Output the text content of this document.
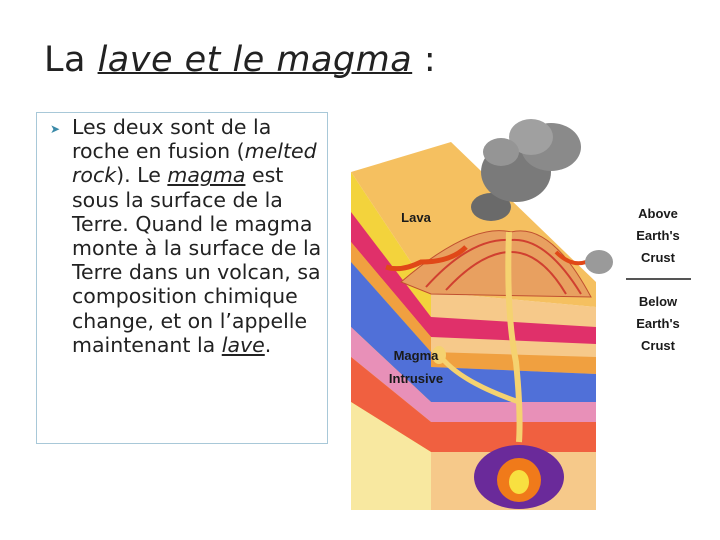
La lave et le magma :
➤ Les deux sont de la roche en fusion (melted rock). Le magma est sous la surface de la Terre. Quand le magma monte à la surface de la Terre dans un volcan, sa composition chimique change, et on l’appelle maintenant la lave.
Lava
Magma
Intrusive
Above
Earth's
Crust
Below
Earth's
Crust
